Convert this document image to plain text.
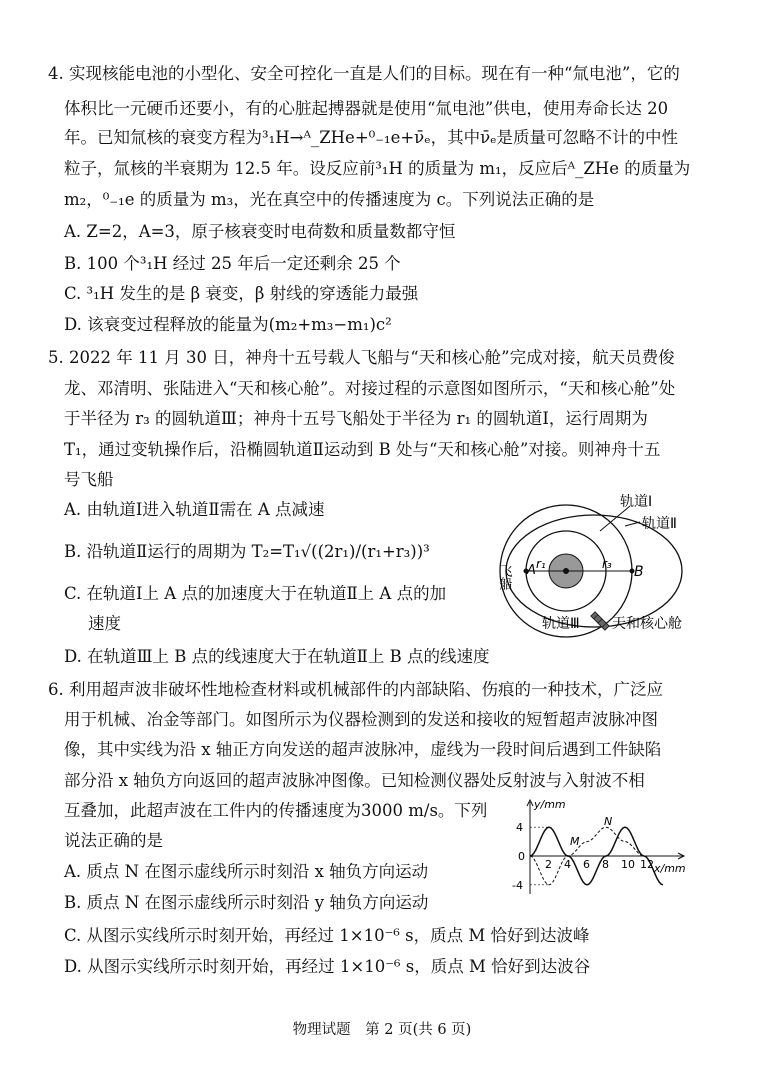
4. 实现核能电池的小型化、安全可控化一直是人们的目标。现在有一种“氚电池”，它的
体积比一元硬币还要小，有的心脏起搏器就是使用“氚电池”供电，使用寿命长达 20
年。已知氚核的衰变方程为³₁H→ᴬ_ZHe+⁰₋₁e+ν̄ₑ，其中ν̄ₑ是质量可忽略不计的中性
粒子，氚核的半衰期为 12.5 年。设反应前³₁H 的质量为 m₁，反应后ᴬ_ZHe 的质量为
m₂，⁰₋₁e 的质量为 m₃，光在真空中的传播速度为 c。下列说法正确的是
A. Z=2，A=3，原子核衰变时电荷数和质量数都守恒
B. 100 个³₁H 经过 25 年后一定还剩余 25 个
C. ³₁H 发生的是 β 衰变，β 射线的穿透能力最强
D. 该衰变过程释放的能量为(m₂+m₃−m₁)c²
5. 2022 年 11 月 30 日，神舟十五号载人飞船与“天和核心舱”完成对接，航天员费俊
龙、邓清明、张陆进入“天和核心舱”。对接过程的示意图如图所示，“天和核心舱”处
于半径为 r₃ 的圆轨道Ⅲ；神舟十五号飞船处于半径为 r₁ 的圆轨道Ⅰ，运行周期为
T₁，通过变轨操作后，沿椭圆轨道Ⅱ运动到 B 处与“天和核心舱”对接。则神舟十五
号飞船
A. 由轨道Ⅰ进入轨道Ⅱ需在 A 点减速
B. 沿轨道Ⅱ运行的周期为 T₂=T₁√((2r₁)/(r₁+r₃))³
C. 在轨道Ⅰ上 A 点的加速度大于在轨道Ⅱ上 A 点的加
速度
D. 在轨道Ⅲ上 B 点的线速度大于在轨道Ⅱ上 B 点的线速度
轨道Ⅰ
轨道Ⅱ
飞船 A r₁	r₃ B
轨道Ⅲ 天和核心舱
6. 利用超声波非破坏性地检查材料或机械部件的内部缺陷、伤痕的一种技术，广泛应
用于机械、冶金等部门。如图所示为仪器检测到的发送和接收的短暂超声波脉冲图
像，其中实线为沿 x 轴正方向发送的超声波脉冲，虚线为一段时间后遇到工件缺陷
部分沿 x 轴负方向返回的超声波脉冲图像。已知检测仪器处反射波与入射波不相
互叠加，此超声波在工件内的传播速度为3000 m/s。下列
说法正确的是
A. 质点 N 在图示虚线所示时刻沿 x 轴负方向运动
B. 质点 N 在图示虚线所示时刻沿 y 轴负方向运动
C. 从图示实线所示时刻开始，再经过 1×10⁻⁶ s，质点 M 恰好到达波峰
D. 从图示实线所示时刻开始，再经过 1×10⁻⁶ s，质点 M 恰好到达波谷
y/mm
x/mm
4
0
-4
2 4 6 8 10 12
M
N
物理试题　第 2 页(共 6 页)
